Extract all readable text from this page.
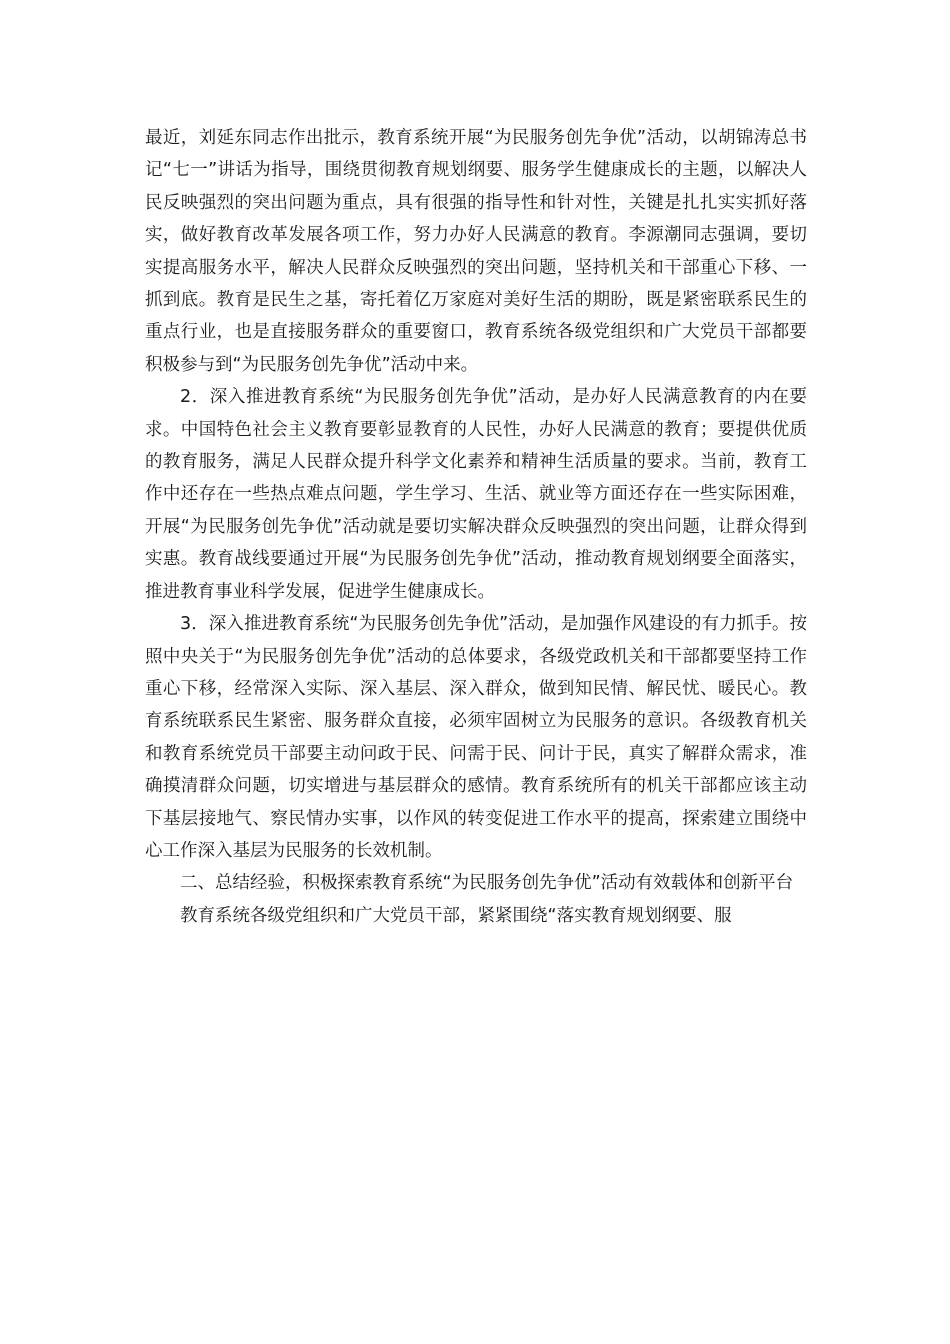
最近，刘延东同志作出批示，教育系统开展“为民服务创先争优”活动，以胡锦涛总书记“七一”讲话为指导，围绕贯彻教育规划纲要、服务学生健康成长的主题，以解决人民反映强烈的突出问题为重点，具有很强的指导性和针对性，关键是扎扎实实抓好落实，做好教育改革发展各项工作，努力办好人民满意的教育。李源潮同志强调，要切实提高服务水平，解决人民群众反映强烈的突出问题，坚持机关和干部重心下移、一抓到底。教育是民生之基，寄托着亿万家庭对美好生活的期盼，既是紧密联系民生的重点行业，也是直接服务群众的重要窗口，教育系统各级党组织和广大党员干部都要积极参与到“为民服务创先争优”活动中来。

2．深入推进教育系统“为民服务创先争优”活动，是办好人民满意教育的内在要求。中国特色社会主义教育要彰显教育的人民性，办好人民满意的教育；要提供优质的教育服务，满足人民群众提升科学文化素养和精神生活质量的要求。当前，教育工作中还存在一些热点难点问题，学生学习、生活、就业等方面还存在一些实际困难，开展“为民服务创先争优”活动就是要切实解决群众反映强烈的突出问题，让群众得到实惠。教育战线要通过开展“为民服务创先争优”活动，推动教育规划纲要全面落实，推进教育事业科学发展，促进学生健康成长。

3．深入推进教育系统“为民服务创先争优”活动，是加强作风建设的有力抓手。按照中央关于“为民服务创先争优”活动的总体要求，各级党政机关和干部都要坚持工作重心下移，经常深入实际、深入基层、深入群众，做到知民情、解民忧、暖民心。教育系统联系民生紧密、服务群众直接，必须牢固树立为民服务的意识。各级教育机关和教育系统党员干部要主动问政于民、问需于民、问计于民，真实了解群众需求，准确摸清群众问题，切实增进与基层群众的感情。教育系统所有的机关干部都应该主动下基层接地气、察民情办实事，以作风的转变促进工作水平的提高，探索建立围绕中心工作深入基层为民服务的长效机制。

二、总结经验，积极探索教育系统“为民服务创先争优”活动有效载体和创新平台

教育系统各级党组织和广大党员干部，紧紧围绕“落实教育规划纲要、服
